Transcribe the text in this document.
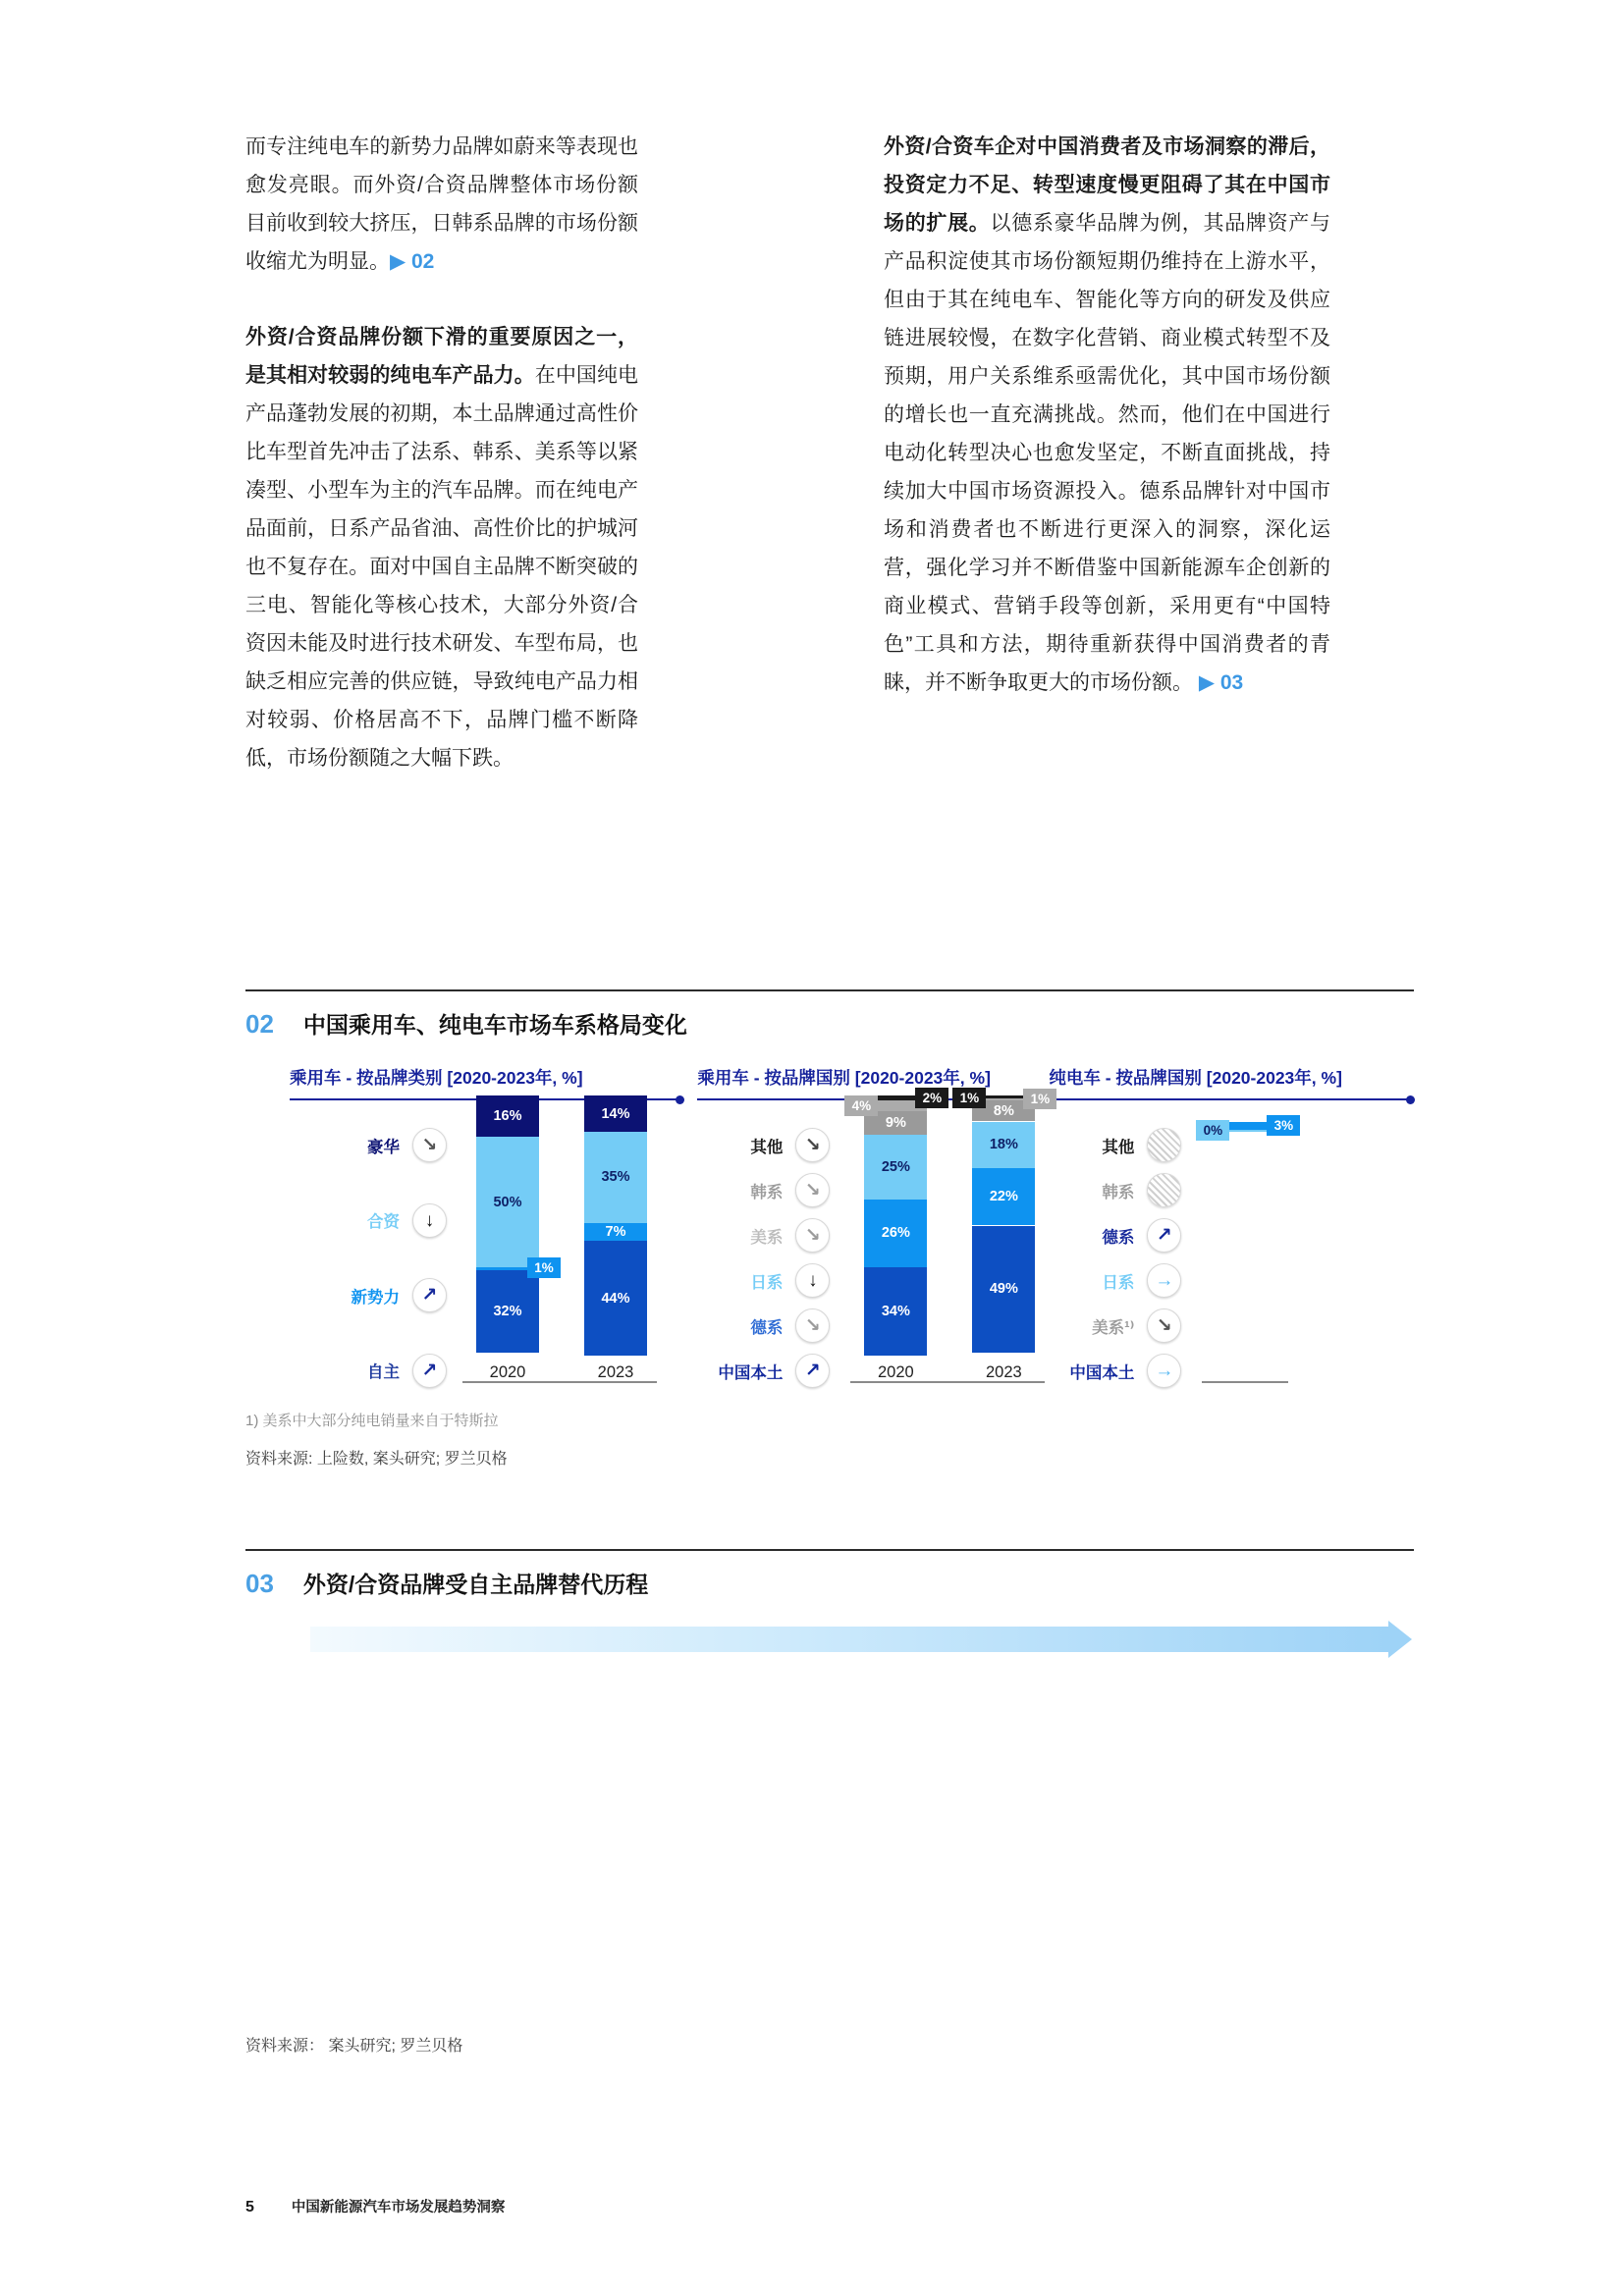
而专注纯电车的新势力品牌如蔚来等表现也愈发亮眼。而外资/合资品牌整体市场份额目前收到较大挤压，日韩系品牌的市场份额收缩尤为明显。▶ 02

外资/合资品牌份额下滑的重要原因之一，是其相对较弱的纯电车产品力。在中国纯电产品蓬勃发展的初期，本土品牌通过高性价比车型首先冲击了法系、韩系、美系等以紧凑型、小型车为主的汽车品牌。而在纯电产品面前，日系产品省油、高性价比的护城河也不复存在。面对中国自主品牌不断突破的三电、智能化等核心技术，大部分外资/合资因未能及时进行技术研发、车型布局，也缺乏相应完善的供应链，导致纯电产品力相对较弱、价格居高不下，品牌门槛不断降低，市场份额随之大幅下跌。

外资/合资车企对中国消费者及市场洞察的滞后，投资定力不足、转型速度慢更阻碍了其在中国市场的扩展。以德系豪华品牌为例，其品牌资产与产品积淀使其市场份额短期仍维持在上游水平，但由于其在纯电车、智能化等方向的研发及供应链进展较慢，在数字化营销、商业模式转型不及预期，用户关系维系亟需优化，其中国市场份额的增长也一直充满挑战。然而，他们在中国进行电动化转型决心也愈发坚定，不断直面挑战，持续加大中国市场资源投入。德系品牌针对中国市场和消费者也不断进行更深入的洞察，深化运营，强化学习并不断借鉴中国新能源车企创新的商业模式、营销手段等创新，采用更有“中国特色”工具和方法，期待重新获得中国消费者的青睐，并不断争取更大的市场份额。 ▶ 03

02 中国乘用车、纯电车市场车系格局变化
乘用车 - 按品牌类别 [2020-2023年, %]
豪华	↘
合资	↓
新势力	↗
自主	↗
16%
50%
1%
32%
2020
14%
35%
7%
44%
2023
乘用车 - 按品牌国别 [2020-2023年, %]
其他	↘
韩系	↘
美系	↘
日系	↓
德系	↘
中国本土	↗
2%
4%
9%
25%
26%
34%
2020
1%	1%
8%
18%
22%
49%
2023
纯电车 - 按品牌国别 [2020-2023年, %]
其他
韩系
德系	↗
日系	→
美系¹⁾	↘
中国本土	→
3%
0%
1) 美系中大部分纯电销量来自于特斯拉
资料来源: 上险数, 案头研究; 罗兰贝格
03 外资/合资品牌受自主品牌替代历程
资料来源： 案头研究; 罗兰贝格
5	中国新能源汽车市场发展趋势洞察
